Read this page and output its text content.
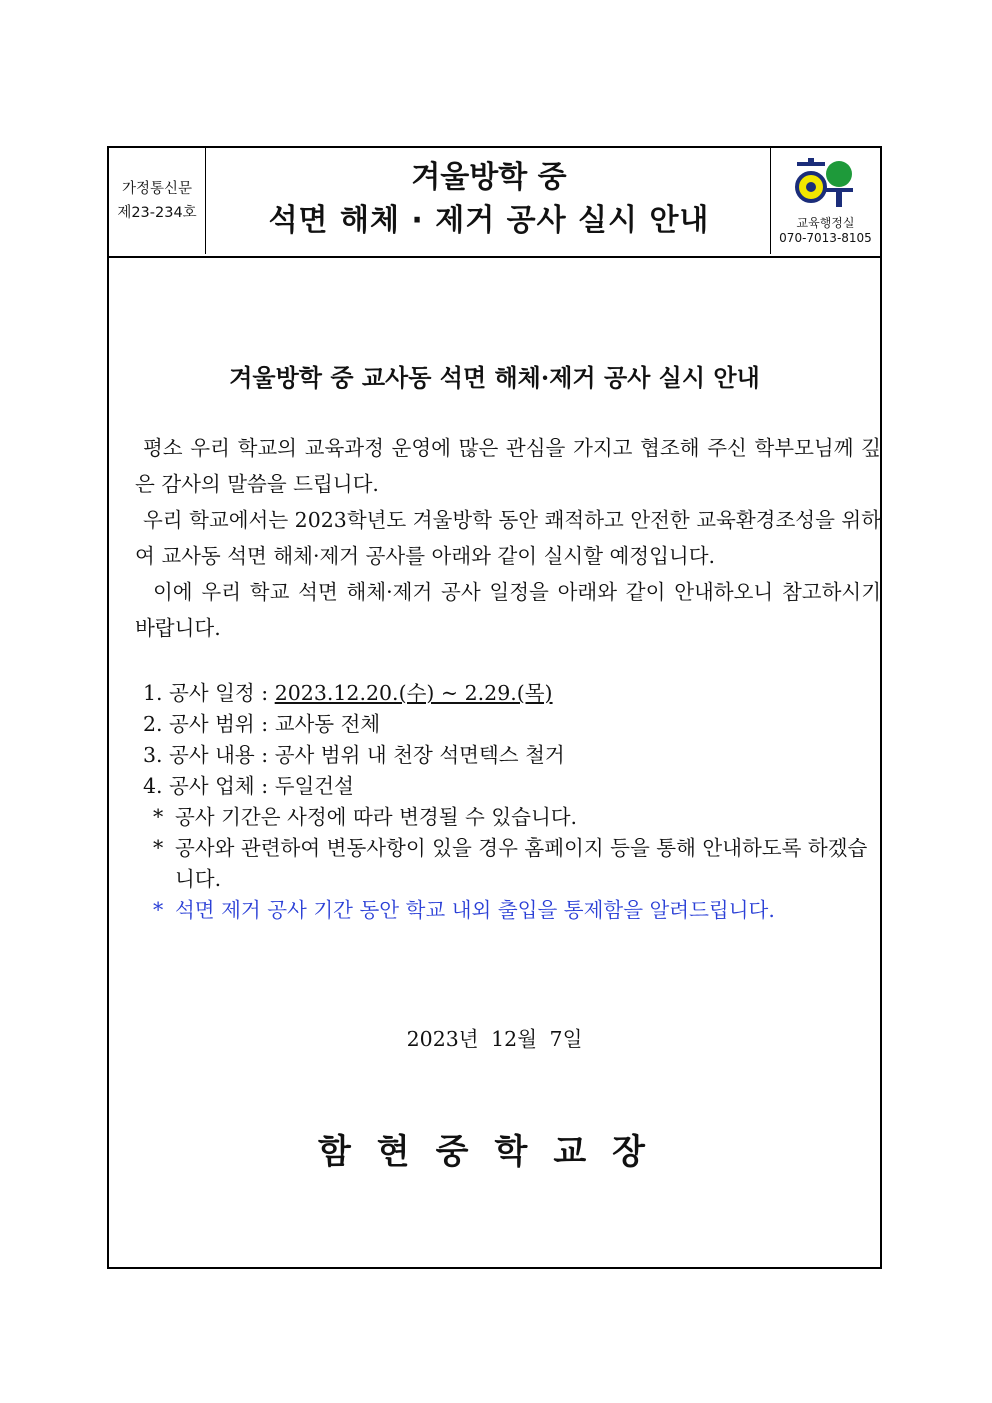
가정통신문
제23-234호
겨울방학 중
석면 해체 · 제거 공사 실시 안내	교육행정실
070-7013-8105
겨울방학 중 교사동 석면 해체·제거 공사 실시 안내

평소 우리 학교의 교육과정 운영에 많은 관심을 가지고 협조해 주신 학부모님께 깊은 감사의 말씀을 드립니다.

우리 학교에서는 2023학년도 겨울방학 동안 쾌적하고 안전한 교육환경조성을 위하여 교사동 석면 해체·제거 공사를 아래와 같이 실시할 예정입니다.

이에 우리 학교 석면 해체·제거 공사 일정을 아래와 같이 안내하오니 참고하시기 바랍니다.

1. 공사 일정 :
2023.12.20.(수) ~ 2.29.(목)
2. 공사 범위 :
교사동 전체
3. 공사 내용 :
공사 범위 내 천장 석면텍스 철거
4. 공사 업체 :
두일건설
* 공사 기간은 사정에 따라 변경될 수 있습니다.
* 공사와 관련하여 변동사항이 있을 경우 홈페이지 등을 통해 안내하도록 하겠습니다.
* 석면 제거 공사 기간 동안 학교 내외 출입을 통제함을 알려드립니다.
2023년 12월 7일
함현중학교장
